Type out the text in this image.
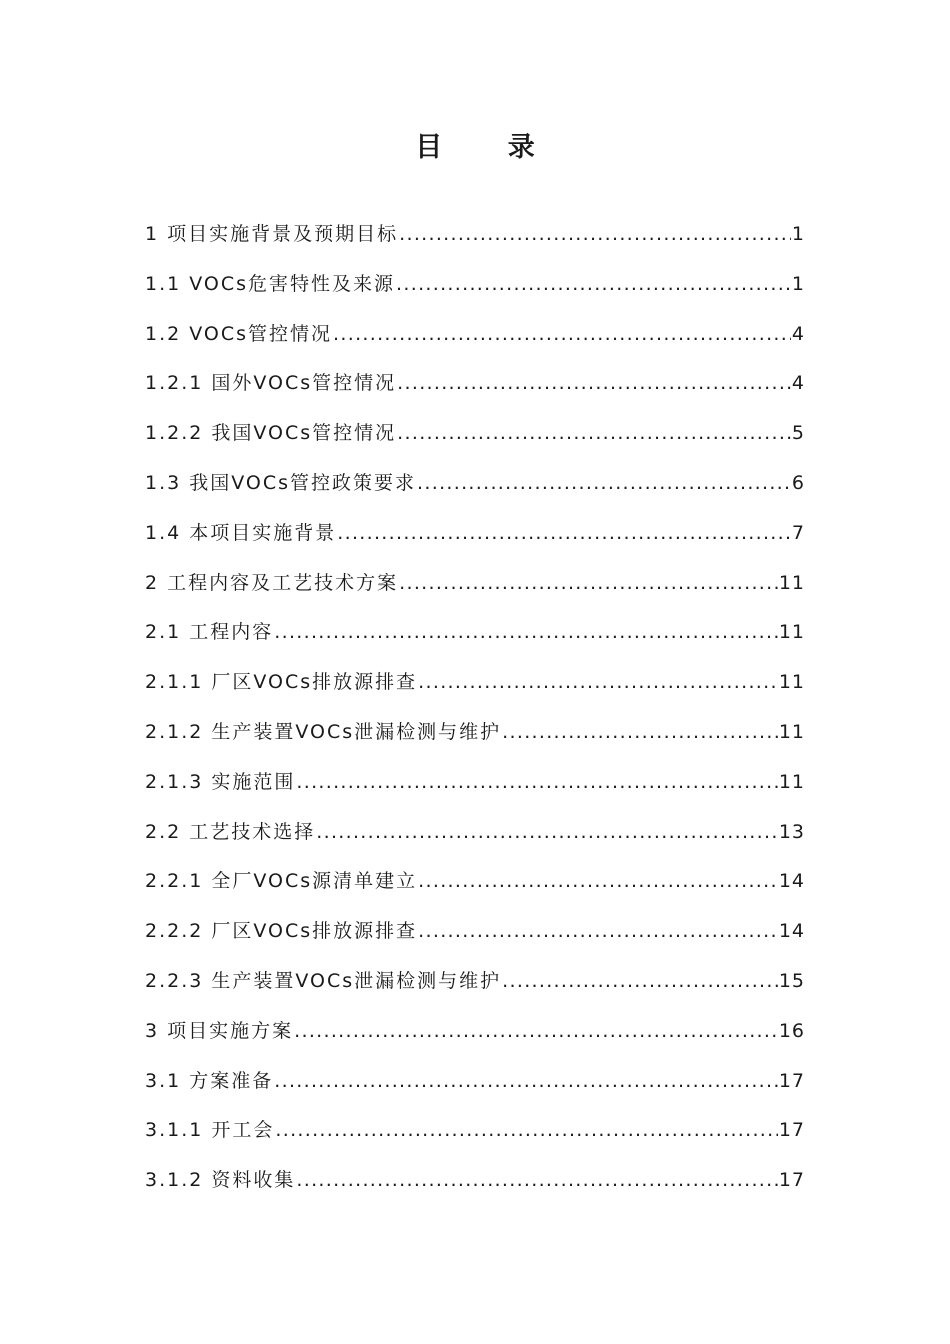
目 录
1 项目实施背景及预期目标 .....	1
1.1 VOCs危害特性及来源 .....	1
1.2 VOCs管控情况 .....	4
1.2.1 国外VOCs管控情况 .....	4
1.2.2 我国VOCs管控情况 .....	5
1.3 我国VOCs管控政策要求 .....	6
1.4 本项目实施背景 .....	7
2 工程内容及工艺技术方案 .....	11
2.1 工程内容 .....	11
2.1.1 厂区VOCs排放源排查 .....	11
2.1.2 生产装置VOCs泄漏检测与维护 .....	11
2.1.3 实施范围 .....	11
2.2 工艺技术选择 .....	13
2.2.1 全厂VOCs源清单建立 .....	14
2.2.2 厂区VOCs排放源排查 .....	14
2.2.3 生产装置VOCs泄漏检测与维护 .....	15
3 项目实施方案 .....	16
3.1 方案准备 .....	17
3.1.1 开工会 .....	17
3.1.2 资料收集 .....	17
